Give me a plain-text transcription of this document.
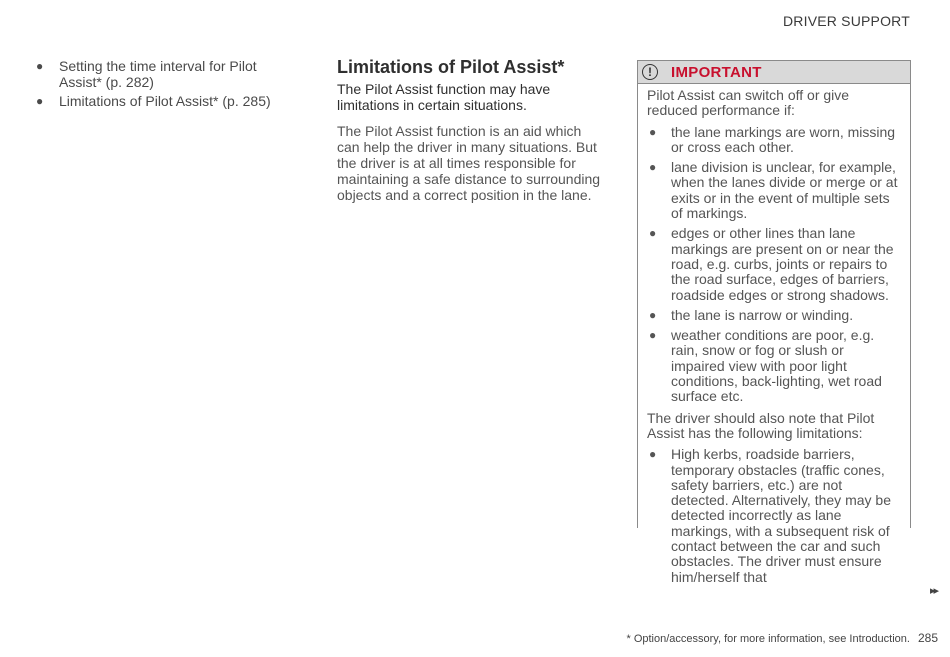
DRIVER SUPPORT
● Setting the time interval for Pilot Assist* (p. 282)
● Limitations of Pilot Assist* (p. 285)
Limitations of Pilot Assist*

The Pilot Assist function may have limitations in certain situations.

The Pilot Assist function is an aid which can help the driver in many situations. But the driver is at all times responsible for maintaining a safe distance to surrounding objects and a correct position in the lane.

!	IMPORTANT

Pilot Assist can switch off or give reduced performance if:

● the lane markings are worn, missing or cross each other.
● lane division is unclear, for example, when the lanes divide or merge or at exits or in the event of multiple sets of markings.
● edges or other lines than lane markings are present on or near the road, e.g. curbs, joints or repairs to the road surface, edges of barriers, roadside edges or strong shadows.
● the lane is narrow or winding.
● weather conditions are poor, e.g. rain, snow or fog or slush or impaired view with poor light conditions, back-lighting, wet road surface etc.

The driver should also note that Pilot Assist has the following limitations:

● High kerbs, roadside barriers, temporary obstacles (traffic cones, safety barriers, etc.) are not detected. Alternatively, they may be detected incorrectly as lane markings, with a subsequent risk of contact between the car and such obstacles. The driver must ensure him/herself that
▸▸
* Option/accessory, for more information, see Introduction. 285
